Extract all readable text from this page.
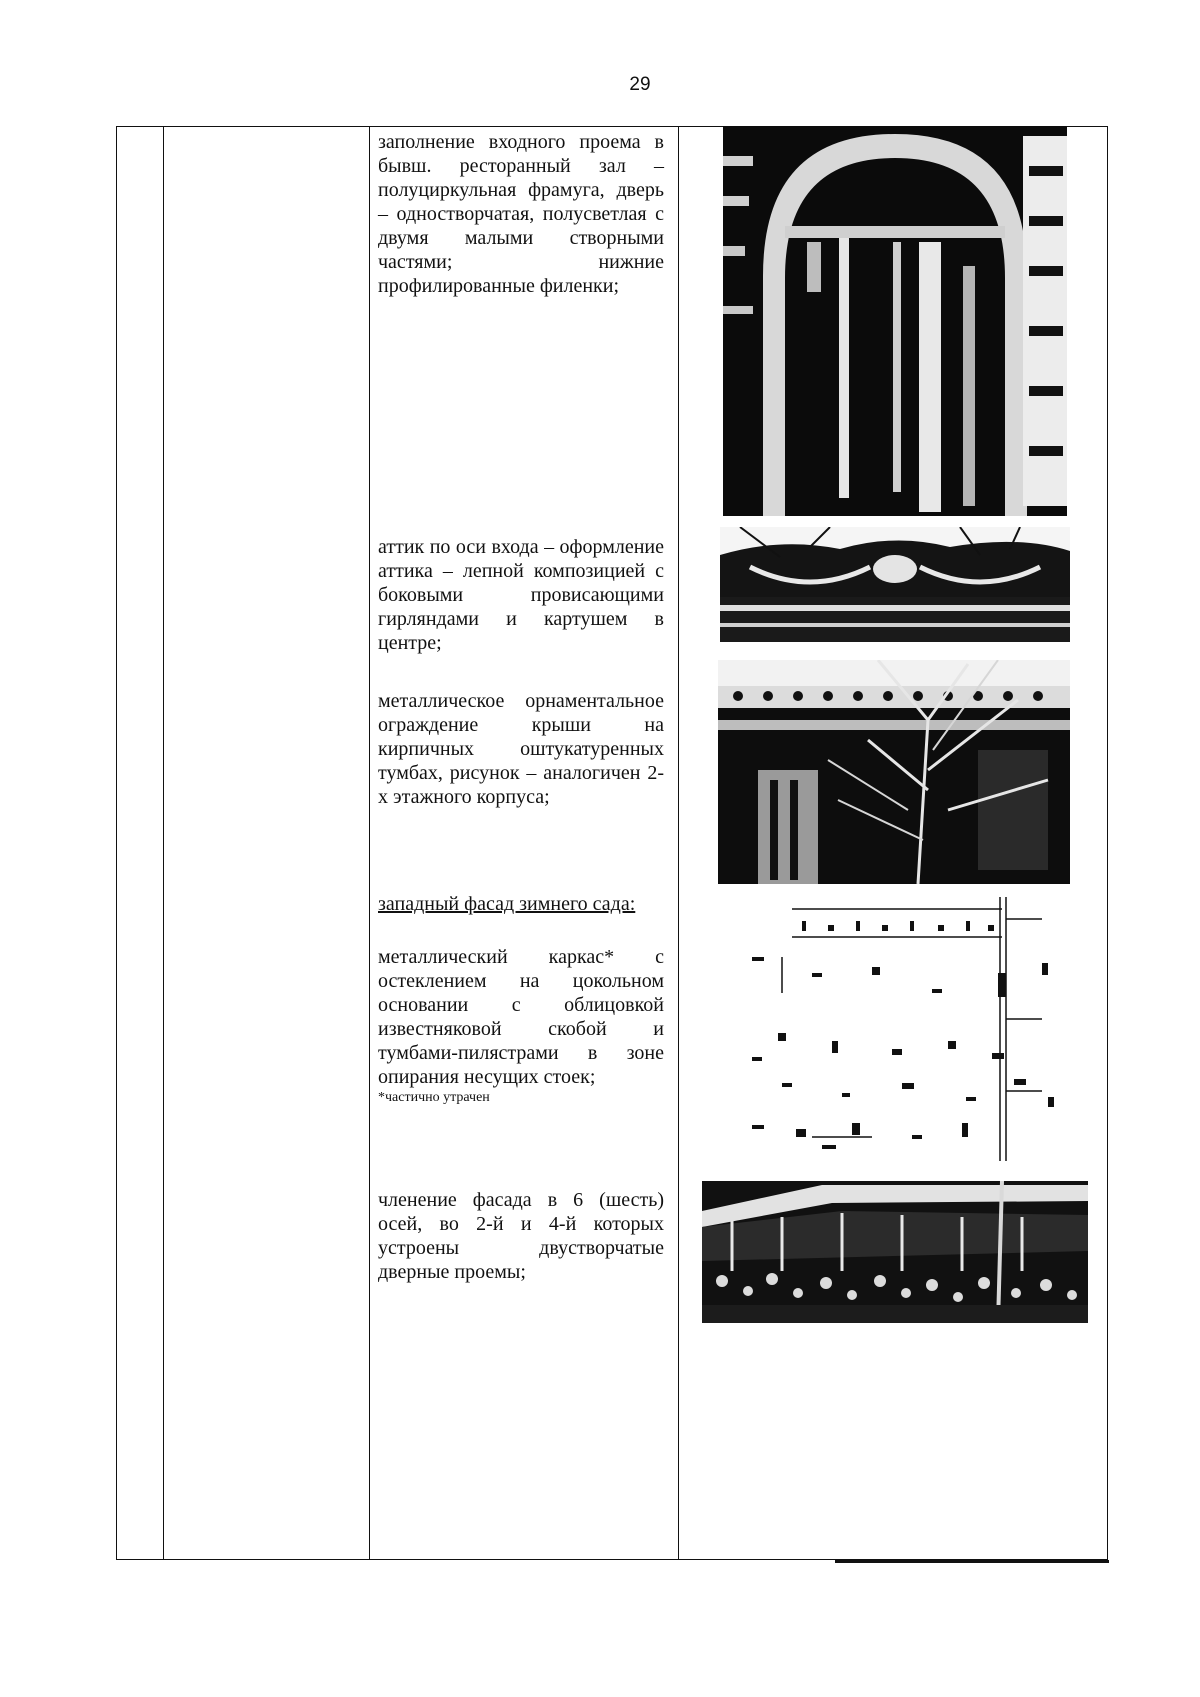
29
заполнение входного проема в бывш. ресторанный зал – полуциркульная фрамуга, дверь – одностворчатая, полусветлая с двумя малыми створными частями; нижние профилированные филенки;
аттик по оси входа – оформление аттика – лепной композицией с боковыми провисающими гирляндами и картушем в центре;
металлическое орнаментальное ограждение крыши на кирпичных оштукатуренных тумбах, рисунок – аналогичен 2-х этажного корпуса;
западный фасад зимнего сада:
металлический каркас* с остеклением на цокольном основании с облицовкой известняковой скобой и тумбами-пилястрами в зоне опирания несущих стоек;
*частично утрачен
членение фасада в 6 (шесть) осей, во 2-й и 4-й которых устроены двустворчатые дверные проемы;
